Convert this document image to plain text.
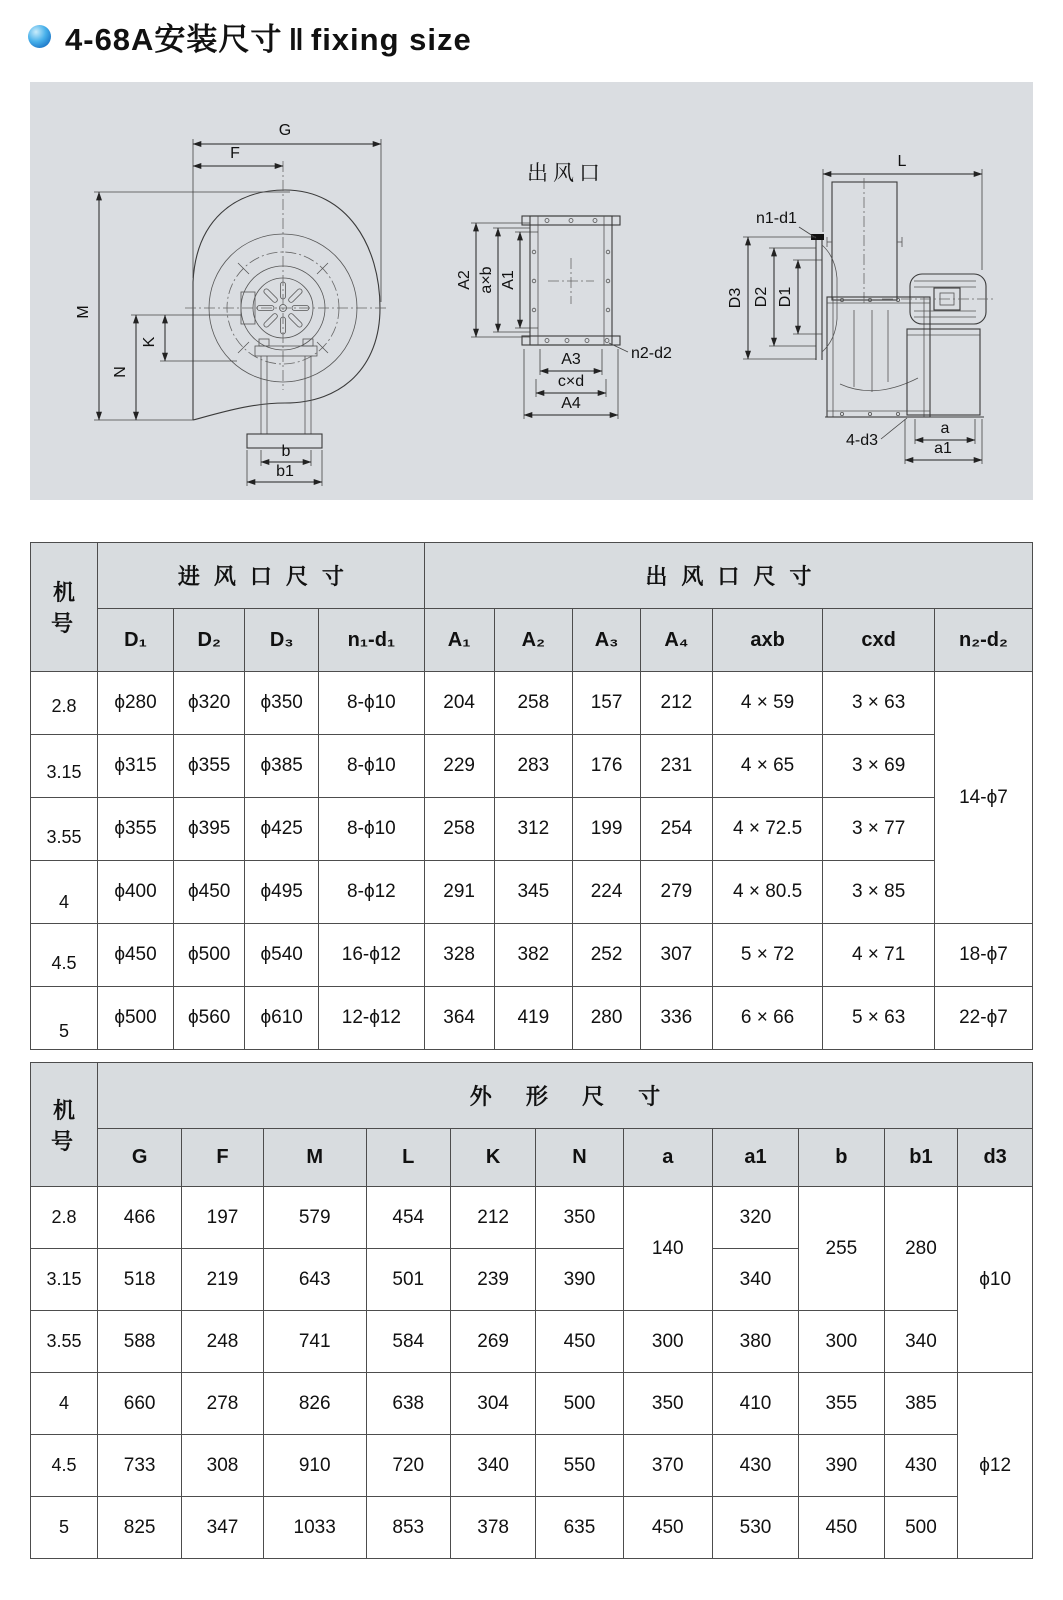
4-68A安装尺寸 ‖ fixing size
G
F
M
N
K
b
b1
出风口
A2 a×b A1
A3
c×d
A4
n2-d2
L
n1-d1
D3 D2 D1
4-d3
a
a1
机 号	进风口尺寸				出风口尺寸						
	D₁	D₂	D₃	n₁-d₁	A₁	A₂	A₃	A₄	axb	cxd	n₂-d₂
2.8	ϕ280	ϕ320	ϕ350	8-ϕ10	204	258	157	212	4 × 59	3 × 63	14-ϕ7
3.15	ϕ315	ϕ355	ϕ385	8-ϕ10	229	283	176	231	4 × 65	3 × 69	
3.55	ϕ355	ϕ395	ϕ425	8-ϕ10	258	312	199	254	4 × 72.5	3 × 77	
4	ϕ400	ϕ450	ϕ495	8-ϕ12	291	345	224	279	4 × 80.5	3 × 85	
4.5	ϕ450	ϕ500	ϕ540	16-ϕ12	328	382	252	307	5 × 72	4 × 71	18-ϕ7
5	ϕ500	ϕ560	ϕ610	12-ϕ12	364	419	280	336	6 × 66	5 × 63	22-ϕ7
机 号	外 形 尺 寸										
	G	F	M	L	K	N	a	a1	b	b1	d3
2.8	466	197	579	454	212	350	140	320	255	280	ϕ10
3.15	518	219	643	501	239	390		340			
3.55	588	248	741	584	269	450	300	380	300	340	
4	660	278	826	638	304	500	350	410	355	385	ϕ12
4.5	733	308	910	720	340	550	370	430	390	430	
5	825	347	1033	853	378	635	450	530	450	500	
